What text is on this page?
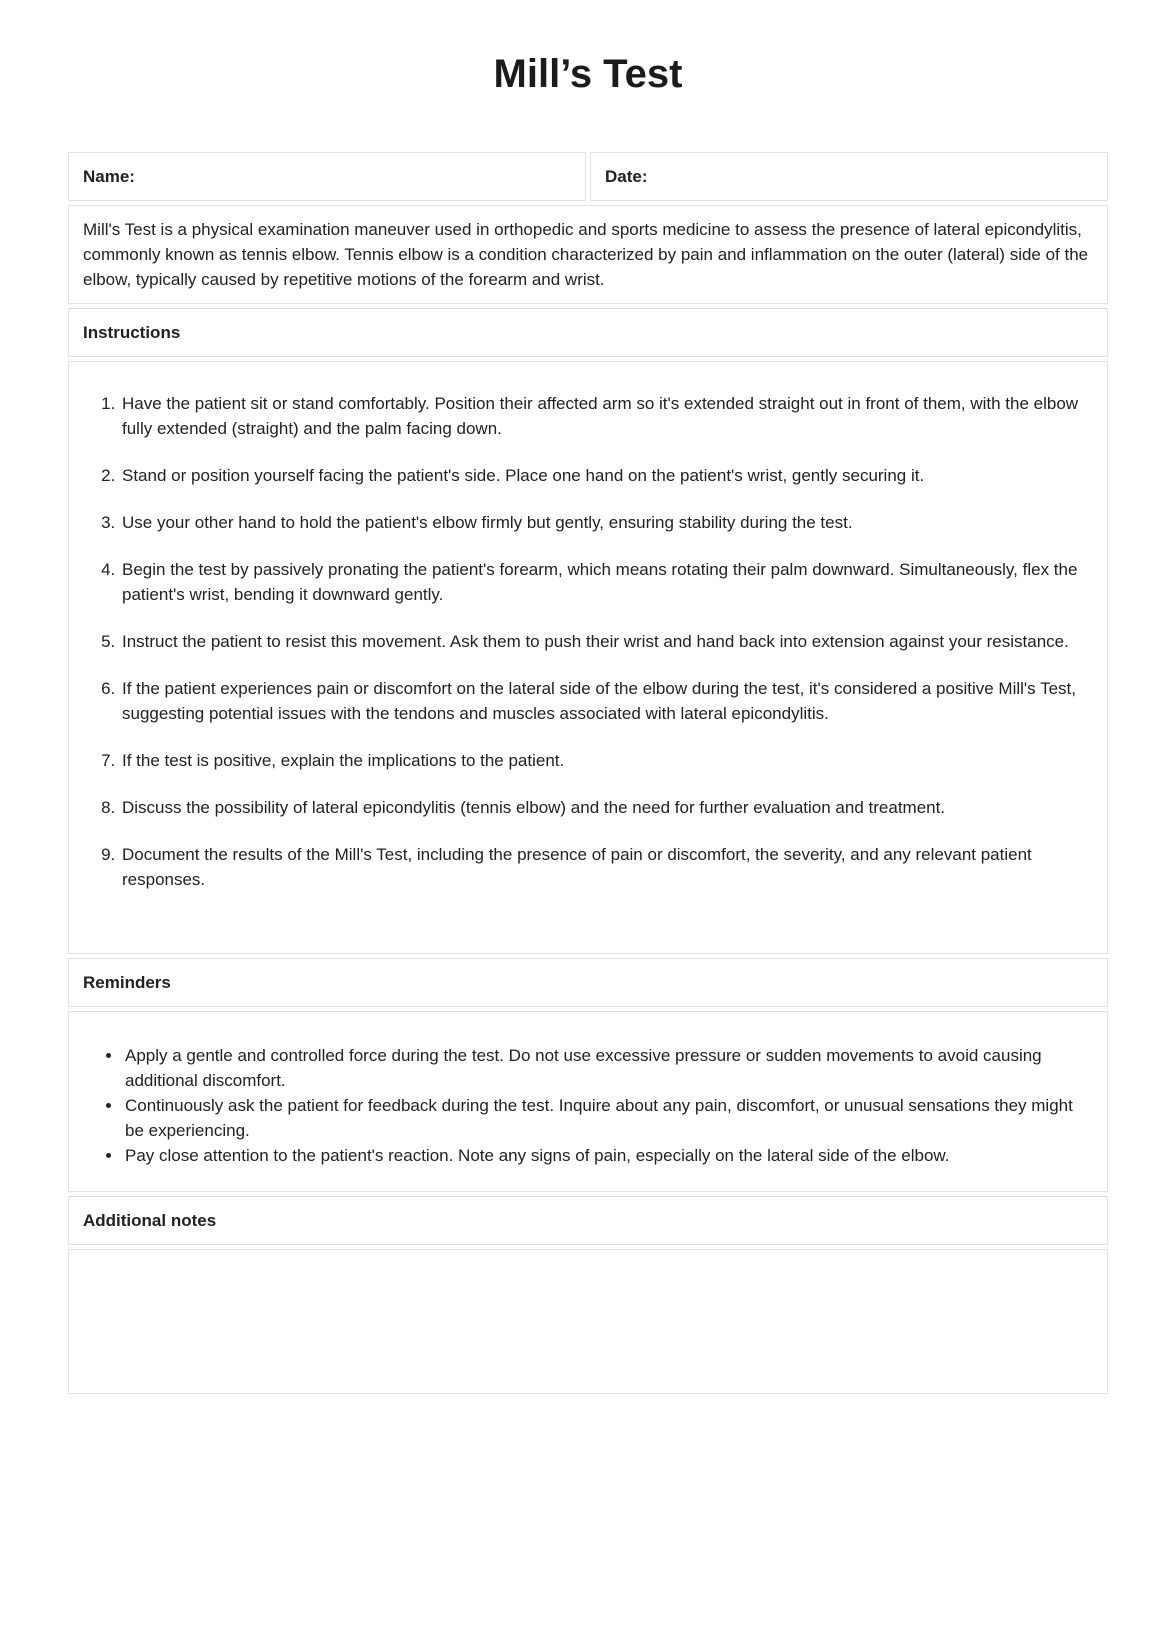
Mill’s Test
Name:	Date:
Mill's Test is a physical examination maneuver used in orthopedic and sports medicine to assess the presence of lateral epicondylitis, commonly known as tennis elbow. Tennis elbow is a condition characterized by pain and inflammation on the outer (lateral) side of the elbow, typically caused by repetitive motions of the forearm and wrist.
Instructions

1. Have the patient sit or stand comfortably. Position their affected arm so it's extended straight out in front of them, with the elbow fully extended (straight) and the palm facing down.
2. Stand or position yourself facing the patient's side. Place one hand on the patient's wrist, gently securing it.
3. Use your other hand to hold the patient's elbow firmly but gently, ensuring stability during the test.
4. Begin the test by passively pronating the patient's forearm, which means rotating their palm downward. Simultaneously, flex the patient's wrist, bending it downward gently.
5. Instruct the patient to resist this movement. Ask them to push their wrist and hand back into extension against your resistance.
6. If the patient experiences pain or discomfort on the lateral side of the elbow during the test, it's considered a positive Mill's Test, suggesting potential issues with the tendons and muscles associated with lateral epicondylitis.
7. If the test is positive, explain the implications to the patient.
8. Discuss the possibility of lateral epicondylitis (tennis elbow) and the need for further evaluation and treatment.
9. Document the results of the Mill's Test, including the presence of pain or discomfort, the severity, and any relevant patient responses.

Reminders

• Apply a gentle and controlled force during the test. Do not use excessive pressure or sudden movements to avoid causing additional discomfort.
• Continuously ask the patient for feedback during the test. Inquire about any pain, discomfort, or unusual sensations they might be experiencing.
• Pay close attention to the patient's reaction. Note any signs of pain, especially on the lateral side of the elbow.

Additional notes
